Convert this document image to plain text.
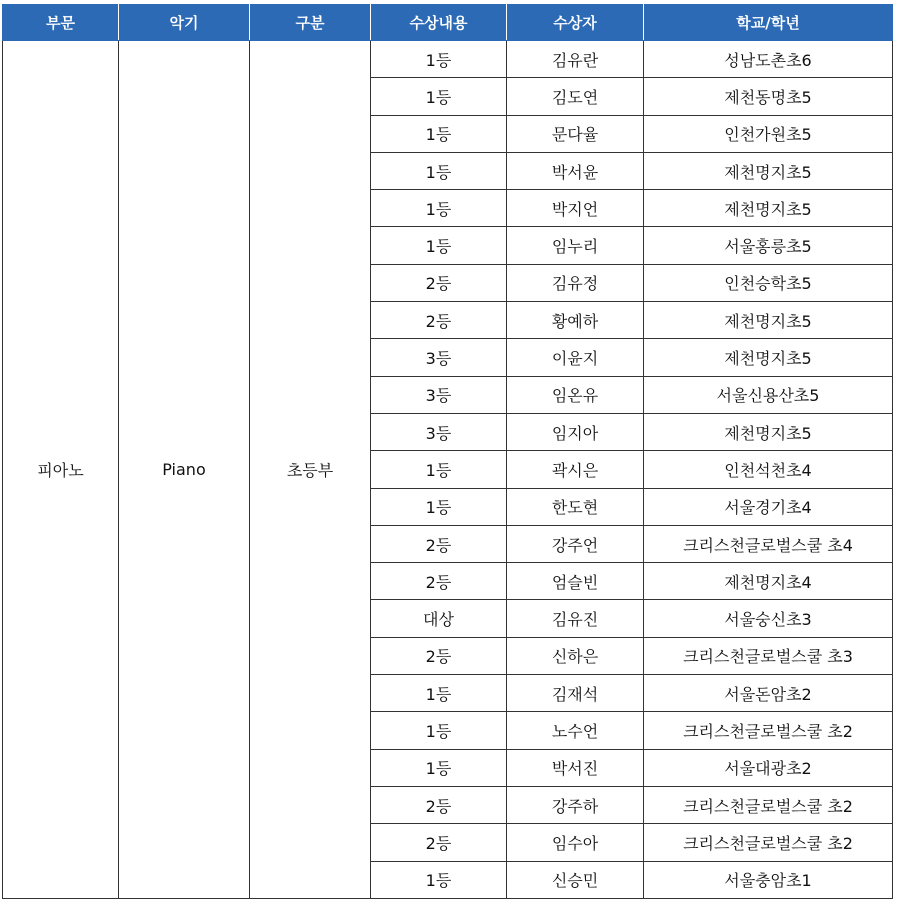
부문	악기	구분	수상내용	수상자	학교/학년
피아노	Piano	초등부	1등	김유란	성남도촌초6
			1등	김도연	제천동명초5
			1등	문다율	인천가원초5
			1등	박서윤	제천명지초5
			1등	박지언	제천명지초5
			1등	임누리	서울홍릉초5
			2등	김유정	인천승학초5
			2등	황예하	제천명지초5
			3등	이윤지	제천명지초5
			3등	임온유	서울신용산초5
			3등	임지아	제천명지초5
			1등	곽시은	인천석천초4
			1등	한도현	서울경기초4
			2등	강주언	크리스천글로벌스쿨 초4
			2등	엄슬빈	제천명지초4
			대상	김유진	서울숭신초3
			2등	신하은	크리스천글로벌스쿨 초3
			1등	김재석	서울돈암초2
			1등	노수언	크리스천글로벌스쿨 초2
			1등	박서진	서울대광초2
			2등	강주하	크리스천글로벌스쿨 초2
			2등	임수아	크리스천글로벌스쿨 초2
			1등	신승민	서울충암초1
